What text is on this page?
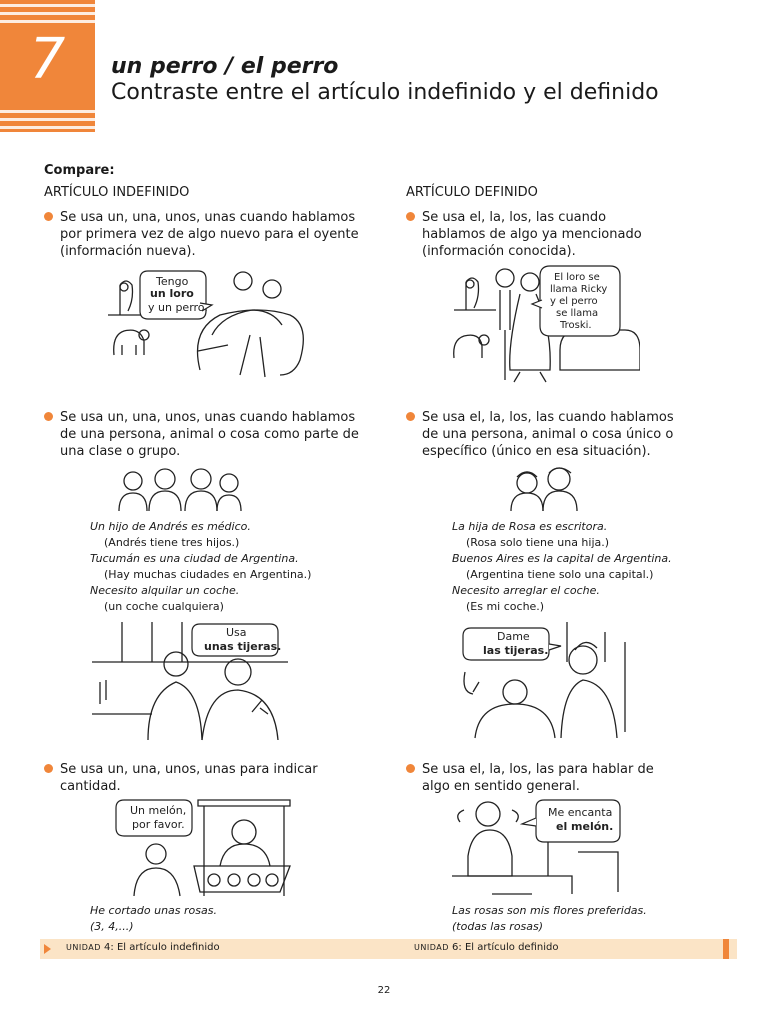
7	un perro / el perro
Contraste entre el artículo indefinido y el definido
Compare:
ARTÍCULO INDEFINIDO	ARTÍCULO DEFINIDO
Se usa un, una, unos, unas cuando hablamos por primera vez de algo nuevo para el oyente (información nueva).
Se usa el, la, los, las cuando hablamos de algo ya mencionado (información conocida).
Tengo
un loro
y un perro.
El loro se
llama Ricky
y el perro
se llama
Troski.
Se usa un, una, unos, unas cuando hablamos de una persona, animal o cosa como parte de una clase o grupo.
Se usa el, la, los, las cuando hablamos de una persona, animal o cosa único o específico (único en esa situación).
Un hijo de Andrés es médico.
(Andrés tiene tres hijos.)
Tucumán es una ciudad de Argentina.
(Hay muchas ciudades en Argentina.)
Necesito alquilar un coche.
(un coche cualquiera)
La hija de Rosa es escritora.
(Rosa solo tiene una hija.)
Buenos Aires es la capital de Argentina.
(Argentina tiene solo una capital.)
Necesito arreglar el coche.
(Es mi coche.)
Usa
unas tijeras.
Dame
las tijeras.
Se usa un, una, unos, unas para indicar cantidad.
Se usa el, la, los, las para hablar de algo en sentido general.
Un melón,
por favor.
Me encanta
el melón.
He cortado unas rosas.
(3, 4,...)
Las rosas son mis flores preferidas.
(todas las rosas)
UNIDAD 4: El artículo indefinido	UNIDAD 6: El artículo definido
22
